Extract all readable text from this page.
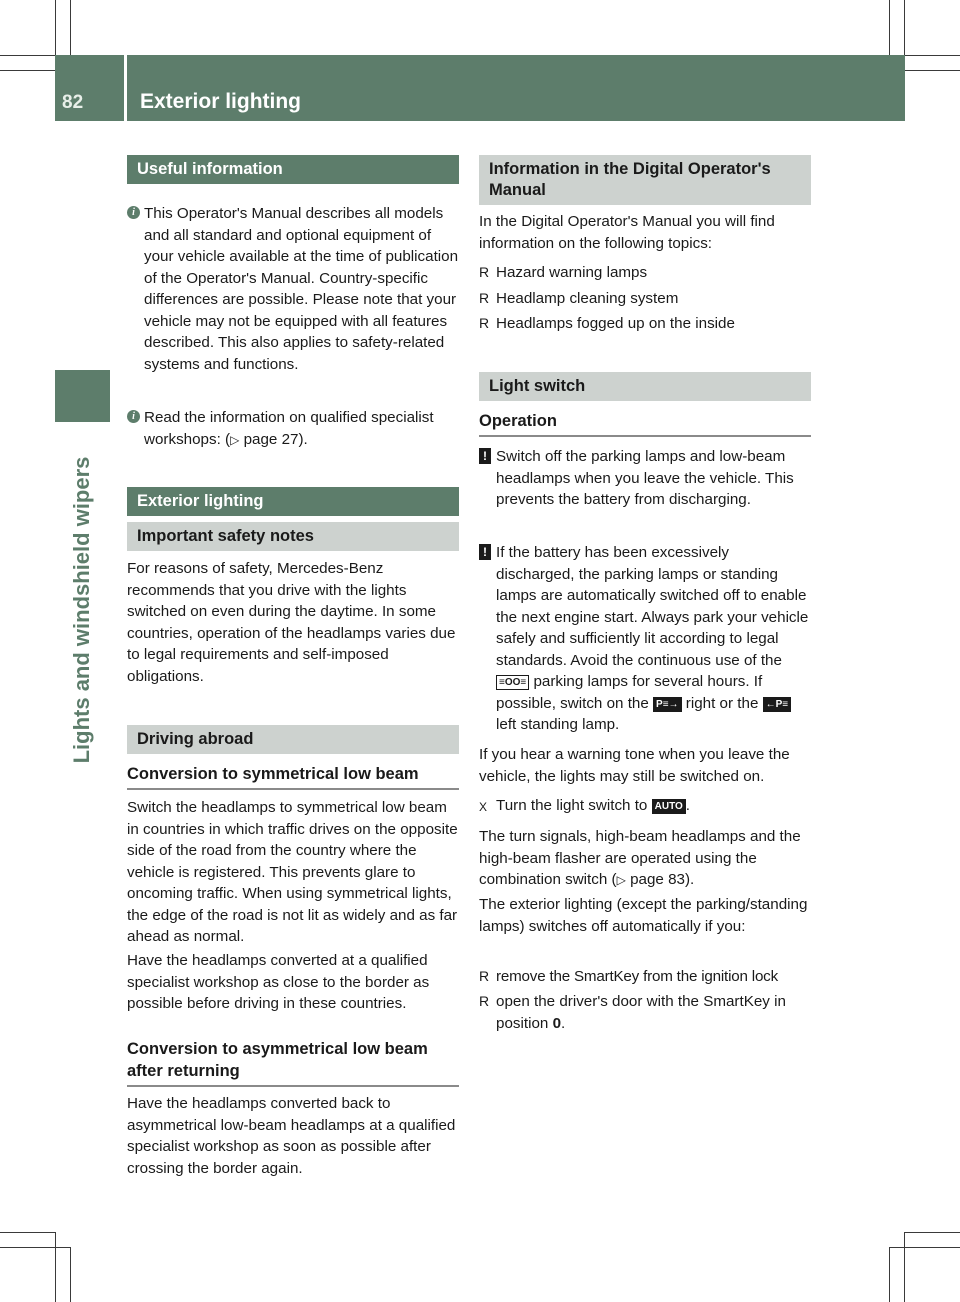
82	Exterior lighting
Lights and windshield wipers
Useful information
i This Operator's Manual describes all models and all standard and optional equipment of your vehicle available at the time of publication of the Operator's Manual. Country-specific differences are possible. Please note that your vehicle may not be equipped with all features described. This also applies to safety-related systems and functions.
i Read the information on qualified specialist workshops: (▷ page 27).
Exterior lighting
Important safety notes
For reasons of safety, Mercedes-Benz recommends that you drive with the lights switched on even during the daytime. In some countries, operation of the headlamps varies due to legal requirements and self-imposed obligations.
Driving abroad
Conversion to symmetrical low beam
Switch the headlamps to symmetrical low beam in countries in which traffic drives on the opposite side of the road from the country where the vehicle is registered. This prevents glare to oncoming traffic. When using symmetrical lights, the edge of the road is not lit as widely and as far ahead as normal.
Have the headlamps converted at a qualified specialist workshop as close to the border as possible before driving in these countries.
Conversion to asymmetrical low beam after returning
Have the headlamps converted back to asymmetrical low-beam headlamps at a qualified specialist workshop as soon as possible after crossing the border again.
Information in the Digital Operator's Manual
In the Digital Operator's Manual you will find information on the following topics:
R Hazard warning lamps
R Headlamp cleaning system
R Headlamps fogged up on the inside
Light switch
Operation
! Switch off the parking lamps and low-beam headlamps when you leave the vehicle. This prevents the battery from discharging.
! If the battery has been excessively discharged, the parking lamps or standing lamps are automatically switched off to enable the next engine start. Always park your vehicle safely and sufficiently lit according to legal standards. Avoid the continuous use of the ≡OO≡ parking lamps for several hours. If possible, switch on the P≡→ right or the ←P≡ left standing lamp.
If you hear a warning tone when you leave the vehicle, the lights may still be switched on.
X Turn the light switch to AUTO .
The turn signals, high-beam headlamps and the high-beam flasher are operated using the combination switch (▷ page 83).
The exterior lighting (except the parking/standing lamps) switches off automatically if you:
R remove the SmartKey from the ignition lock
R open the driver's door with the SmartKey in position 0.
